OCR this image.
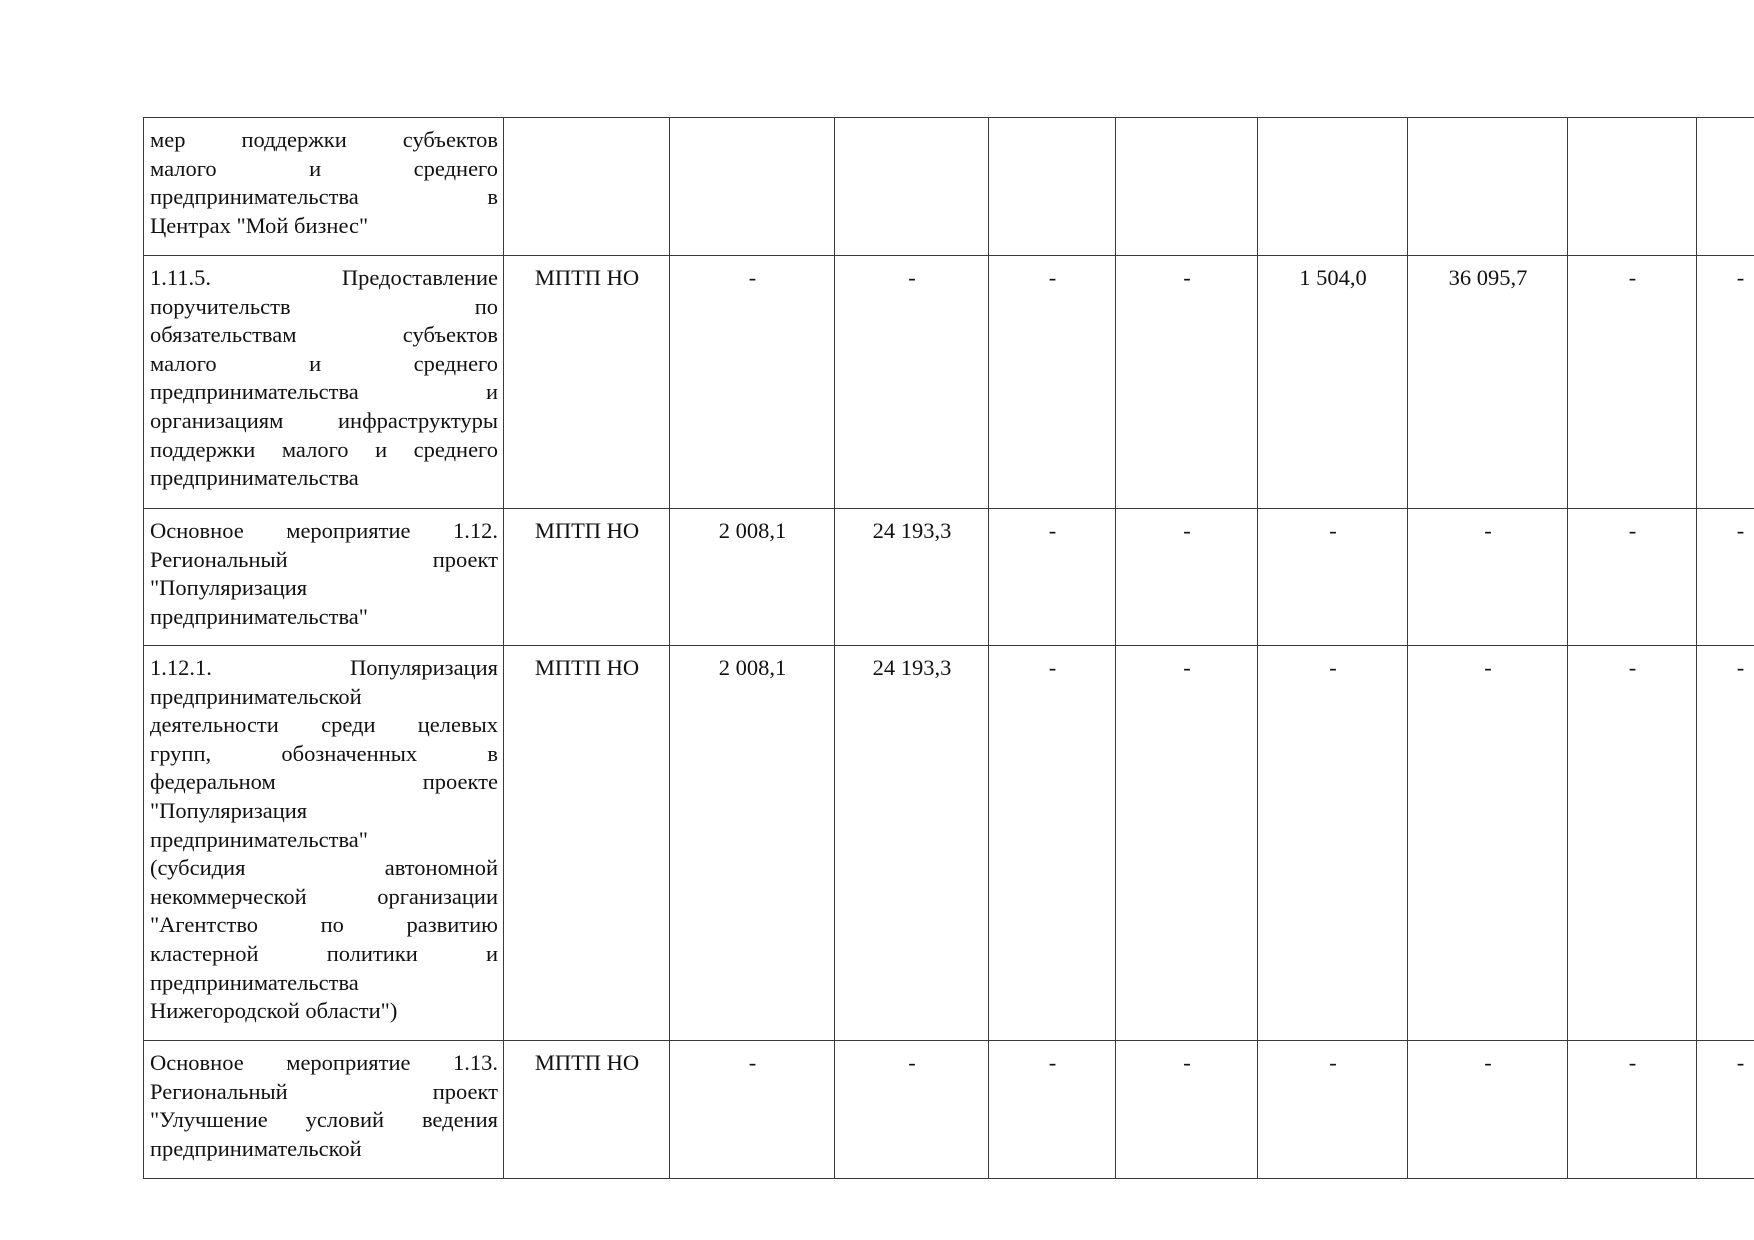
мер поддержки субъектов
малого	и	среднего
предпринимательства	в
Центрах "Мой бизнес"

1.11.5.	Предоставление
поручительств	по
обязательствам	субъектов
малого	и	среднего
предпринимательства	и
организациям инфраструктуры
поддержки малого и среднего
предпринимательства
	МПТП НО	-	-	-	-	1 504,0	36 095,7	-	-	

Основное мероприятие 1.12.
Региональный	проект
"Популяризация
предпринимательства"
	МПТП НО	2 008,1	24 193,3	-	-	-	-	-	-	

1.12.1.	Популяризация
предпринимательской
деятельности среди целевых
групп,	обозначенных	в
федеральном	проекте
"Популяризация
предпринимательства"
(субсидия	автономной
некоммерческой	организации
"Агентство	по	развитию
кластерной	политики	и
предпринимательства
Нижегородской области")
	МПТП НО	2 008,1	24 193,3	-	-	-	-	-	-	

Основное мероприятие 1.13.
Региональный	проект
"Улучшение условий ведения
предпринимательской
	МПТП НО	-	-	-	-	-	-	-	-	
